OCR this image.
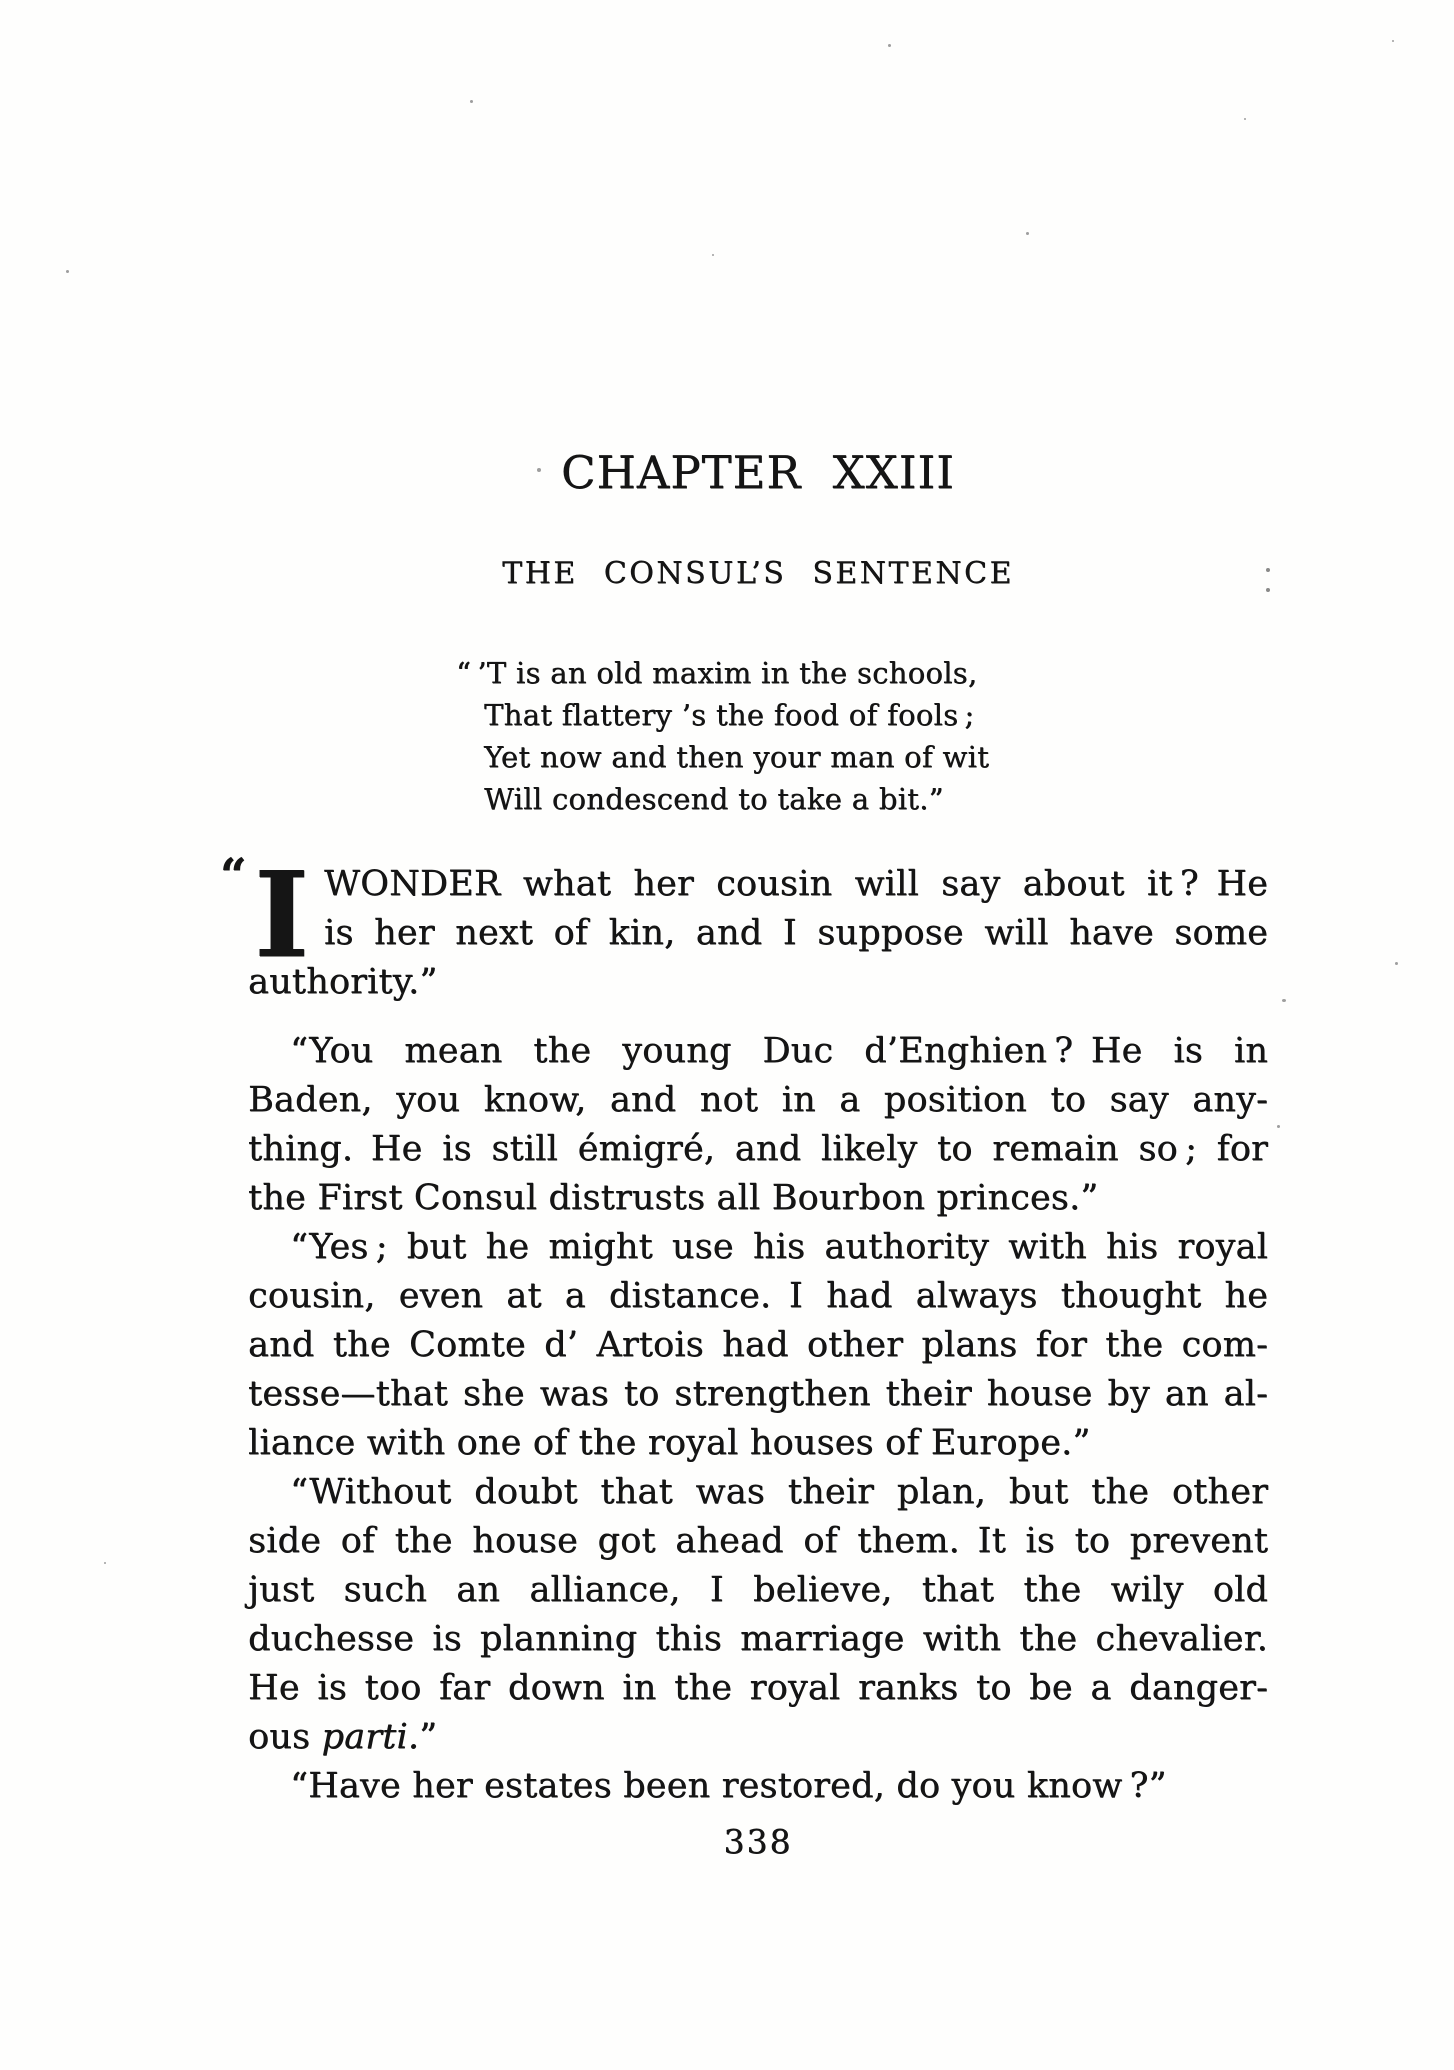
CHAPTER XXIII
THE CONSUL’S SENTENCE
“ ’T is an old maxim in the schools,
That flattery ’s the food of fools ;
Yet now and then your man of wit
Will condescend to take a bit.”
“ I WONDER what her cousin will say about it ? He
is her next of kin, and I suppose will have some
authority.”
“You mean the young Duc d’Enghien ? He is in
Baden, you know, and not in a position to say any-
thing. He is still émigré, and likely to remain so ; for
the First Consul distrusts all Bourbon princes.”
“Yes ; but he might use his authority with his royal
cousin, even at a distance. I had always thought he
and the Comte d’ Artois had other plans for the com-
tesse—that she was to strengthen their house by an al-
liance with one of the royal houses of Europe.”
“Without doubt that was their plan, but the other
side of the house got ahead of them. It is to prevent
just such an alliance, I believe, that the wily old
duchesse is planning this marriage with the chevalier.
He is too far down in the royal ranks to be a danger-
ous parti.”
“Have her estates been restored, do you know ?”
338
